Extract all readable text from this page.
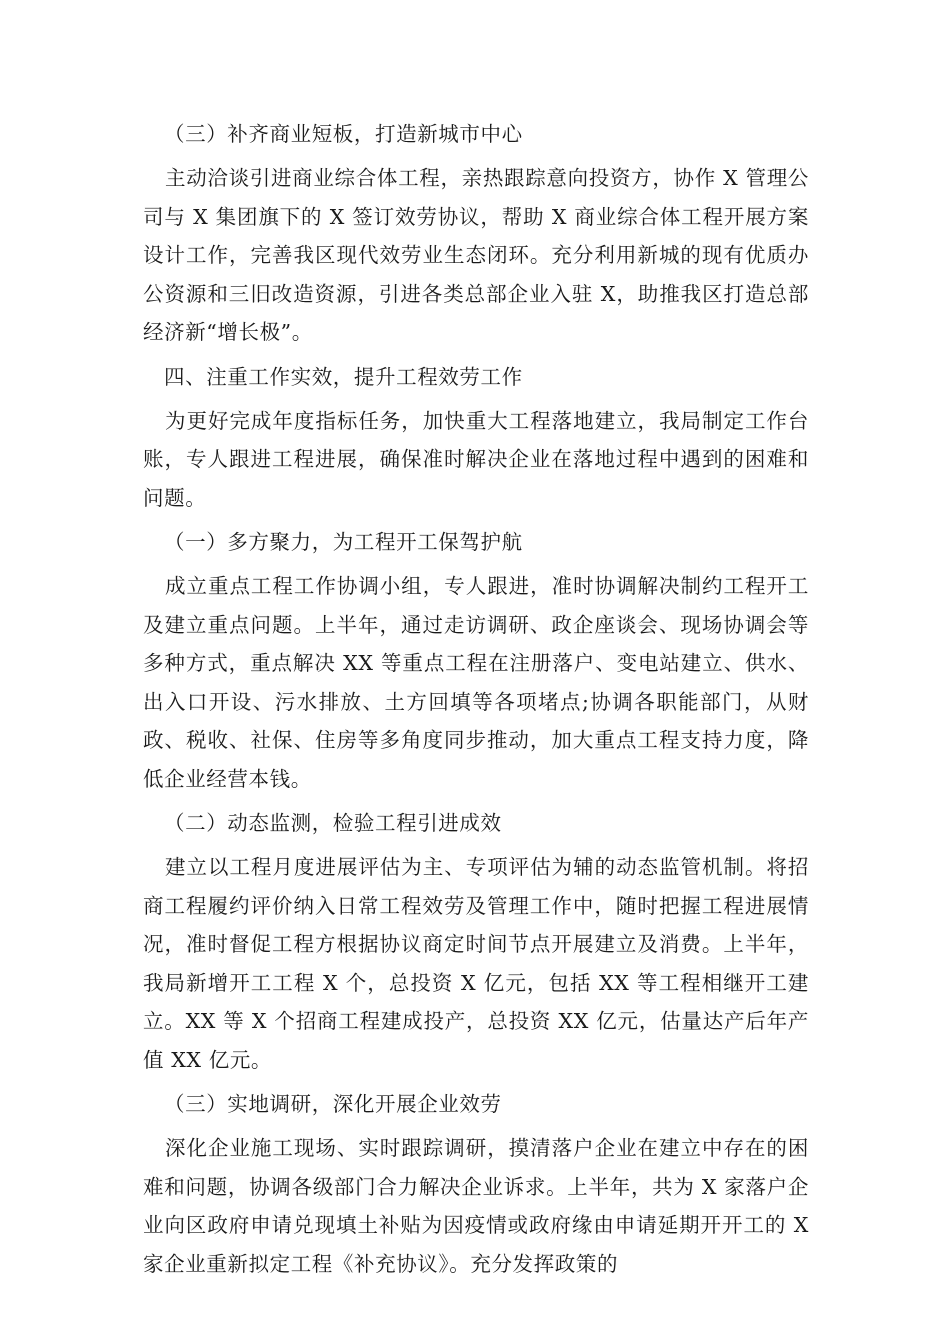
（三）补齐商业短板，打造新城市中心

主动洽谈引进商业综合体工程，亲热跟踪意向投资方，协作 X 管理公司与 X 集团旗下的 X 签订效劳协议，帮助 X 商业综合体工程开展方案设计工作，完善我区现代效劳业生态闭环。充分利用新城的现有优质办公资源和三旧改造资源，引进各类总部企业入驻 X，助推我区打造总部经济新“增长极”。

四、注重工作实效，提升工程效劳工作

为更好完成年度指标任务，加快重大工程落地建立，我局制定工作台账，专人跟进工程进展，确保准时解决企业在落地过程中遇到的困难和问题。

（一）多方聚力，为工程开工保驾护航

成立重点工程工作协调小组，专人跟进，准时协调解决制约工程开工及建立重点问题。上半年，通过走访调研、政企座谈会、现场协调会等多种方式，重点解决 XX 等重点工程在注册落户、变电站建立、供水、出入口开设、污水排放、土方回填等各项堵点;协调各职能部门，从财政、税收、社保、住房等多角度同步推动，加大重点工程支持力度，降低企业经营本钱。

（二）动态监测，检验工程引进成效

建立以工程月度进展评估为主、专项评估为辅的动态监管机制。将招商工程履约评价纳入日常工程效劳及管理工作中，随时把握工程进展情况，准时督促工程方根据协议商定时间节点开展建立及消费。上半年，我局新增开工工程 X 个，总投资 X 亿元，包括 XX 等工程相继开工建立。XX 等 X 个招商工程建成投产，总投资 XX 亿元，估量达产后年产值 XX 亿元。

（三）实地调研，深化开展企业效劳

深化企业施工现场、实时跟踪调研，摸清落户企业在建立中存在的困难和问题，协调各级部门合力解决企业诉求。上半年，共为 X 家落户企业向区政府申请兑现填土补贴为因疫情或政府缘由申请延期开开工的 X 家企业重新拟定工程《补充协议》。充分发挥政策的
